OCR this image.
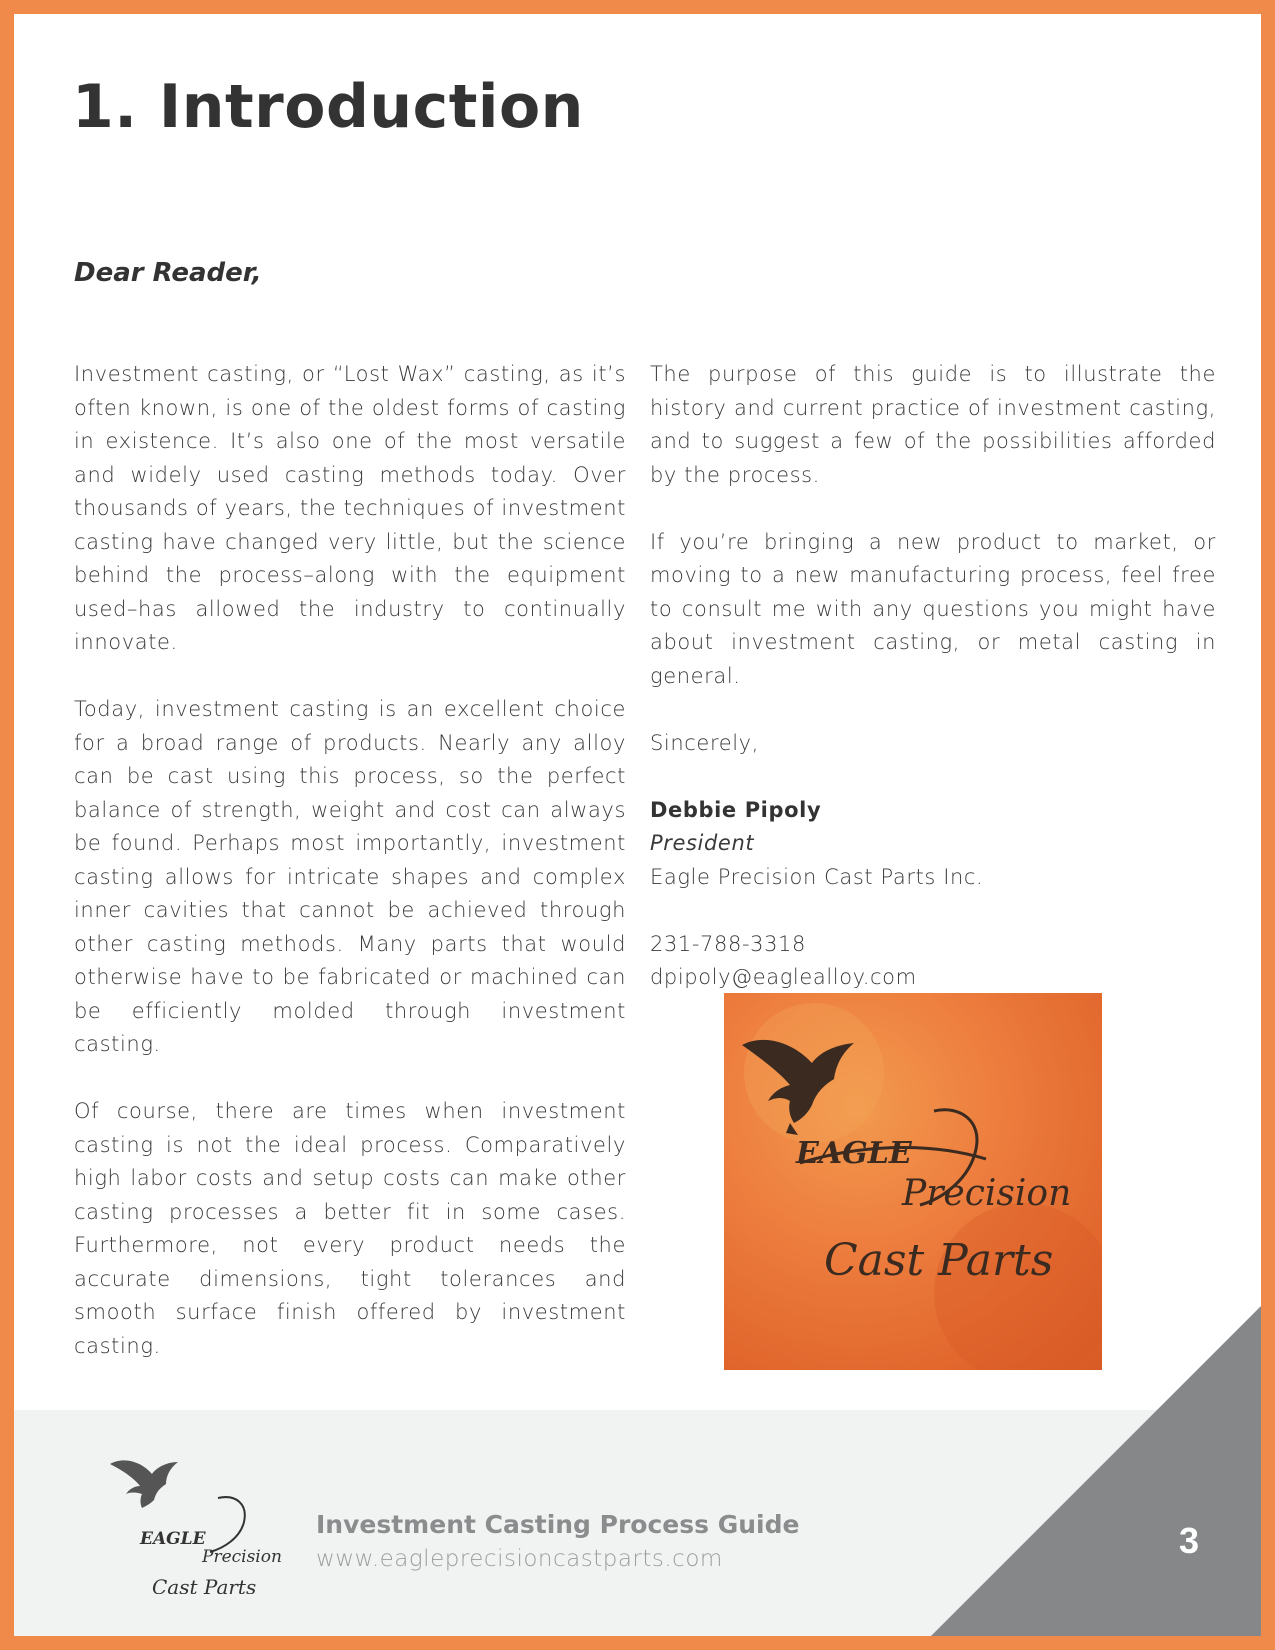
1. Introduction

Dear Reader,

Investment casting, or “Lost Wax” casting, as it’s often known, is one of the oldest forms of casting in existence. It’s also one of the most versatile and widely used casting methods today. Over thousands of years, the techniques of investment casting have changed very little, but the science behind the process–along with the equipment used–has allowed the industry to continually innovate.

Today, investment casting is an excellent choice for a broad range of products. Nearly any alloy can be cast using this process, so the perfect balance of strength, weight and cost can always be found. Perhaps most importantly, investment casting allows for intricate shapes and complex inner cavities that cannot be achieved through other casting methods. Many parts that would otherwise have to be fabricated or machined can be efficiently molded through investment casting.

Of course, there are times when investment casting is not the ideal process. Comparatively high labor costs and setup costs can make other casting processes a better fit in some cases. Furthermore, not every product needs the accurate dimensions, tight tolerances and smooth surface finish offered by investment casting.

The purpose of this guide is to illustrate the history and current practice of investment casting, and to suggest a few of the possibilities afforded by the process.

If you’re bringing a new product to market, or moving to a new manufacturing process, feel free to consult me with any questions you might have about investment casting, or metal casting in general.

Sincerely,

Debbie Pipoly
President
Eagle Precision Cast Parts Inc.

231-788-3318
dpipoly@eaglealloy.com
EAGLE
Precision
Cast Parts
EAGLE
Precision
Cast Parts

Investment Casting Process Guide

www.eagleprecisioncastparts.com	3
